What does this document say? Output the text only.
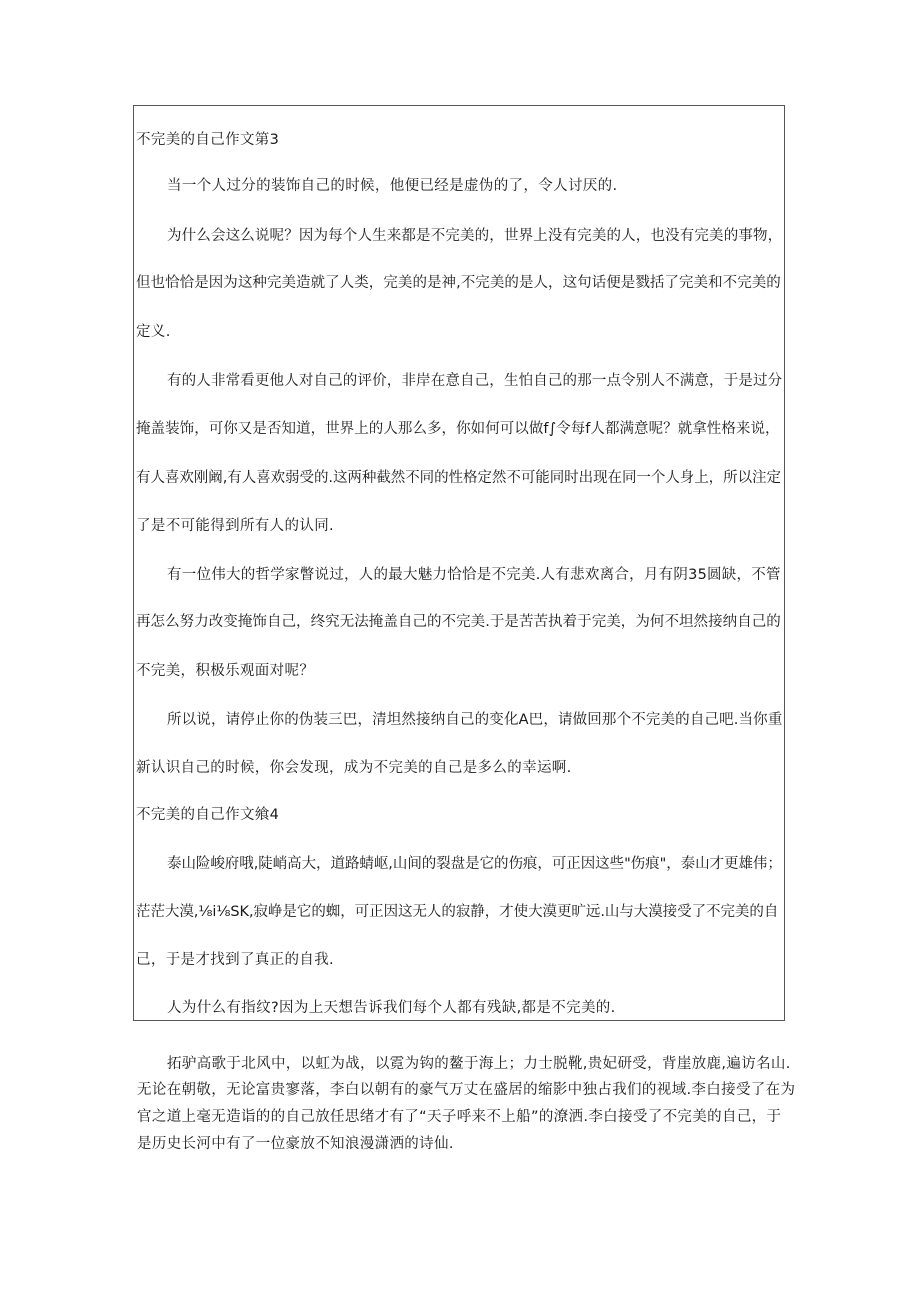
不完美的自己作文第3
当一个人过分的装饰自己的时候，他便已经是虚伪的了，令人讨厌的.
为什么会这么说呢？因为每个人生来都是不完美的，世界上没有完美的人，也没有完美的事物，
但也恰恰是因为这种完美造就了人类，完美的是神,不完美的是人，这句话便是戮括了完美和不完美的
定义.
有的人非常看更他人对自己的评价，非岸在意自己，生怕自己的那一点令别人不满意，于是过分
掩盖装饰，可你又是否知道，世界上的人那么多，你如何可以做f∫令每f人都满意呢？就拿性格来说，
有人喜欢刚阚,有人喜欢弱受的.这两种截然不同的性格定然不可能同时出现在同一个人身上，所以注定
了是不可能得到所有人的认同.
有一位伟大的哲学家瞥说过，人的最大魅力恰恰是不完美.人有悲欢离合，月有阴35圆缺，不管
再怎么努力改变掩饰自己，终究无法掩盖自己的不完美.于是苦苦执着于完美，为何不坦然接纳自己的
不完美，积极乐观面对呢？
所以说，请停止你的伪装三巴，清坦然接纳自己的变化A巴，请做回那个不完美的自己吧.当你重
新认识自己的时候，你会发现，成为不完美的自己是多么的幸运啊.
不完美的自己作文飨4
泰山险峻府哦,陡峭高大，道路蜻岖,山间的裂盘是它的伤痕，可正因这些"伤痕"，泰山才更雄伟；
茫茫大漠,⅛i⅛SK,寂峥是它的蜘，可正因这无人的寂静，才使大漠更旷远.山与大漠接受了不完美的自
己，于是才找到了真正的自我.
人为什么有指纹?因为上天想告诉我们每个人都有残缺,都是不完美的.
拓驴高歌于北风中，以虹为战，以霓为钩的鳌于海上；力士脱靴,贵妃研受，背崖放鹿,遍访名山.
无论在朝敬，无论富贵寥落，李白以朝有的豪气万丈在盛居的缩影中独占我们的视域.李白接受了在为
官之道上毫无造诣的的自己放任思绪才有了“天子呼来不上船”的潦洒.李白接受了不完美的自己，于
是历史长河中有了一位豪放不知浪漫潇洒的诗仙.
